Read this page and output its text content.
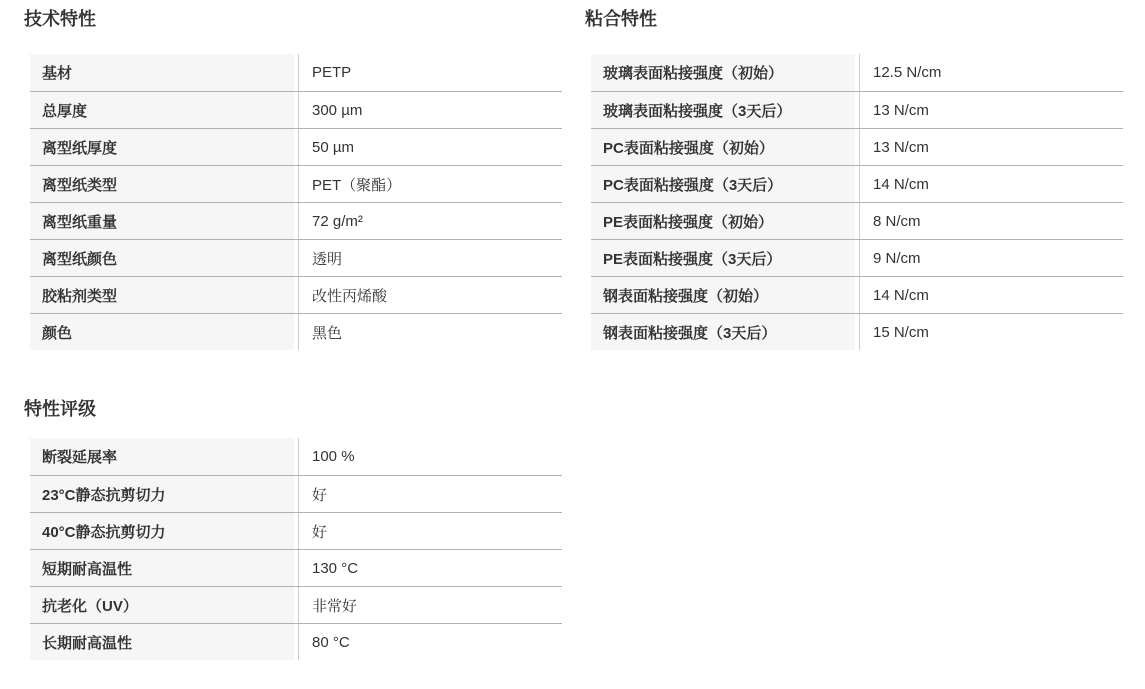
技术特性
基材	PETP
总厚度	300 µm
离型纸厚度	50 µm
离型纸类型	PET（聚酯）
离型纸重量	72 g/m²
离型纸颜色	透明
胶粘剂类型	改性丙烯酸
颜色	黑色
特性评级
断裂延展率	100 %
23°C静态抗剪切力	好
40°C静态抗剪切力	好
短期耐高温性	130 °C
抗老化（UV）	非常好
长期耐高温性	80 °C
粘合特性
玻璃表面粘接强度（初始）	12.5 N/cm
玻璃表面粘接强度（3天后）	13 N/cm
PC表面粘接强度（初始）	13 N/cm
PC表面粘接强度（3天后）	14 N/cm
PE表面粘接强度（初始）	8 N/cm
PE表面粘接强度（3天后）	9 N/cm
钢表面粘接强度（初始）	14 N/cm
钢表面粘接强度（3天后）	15 N/cm
